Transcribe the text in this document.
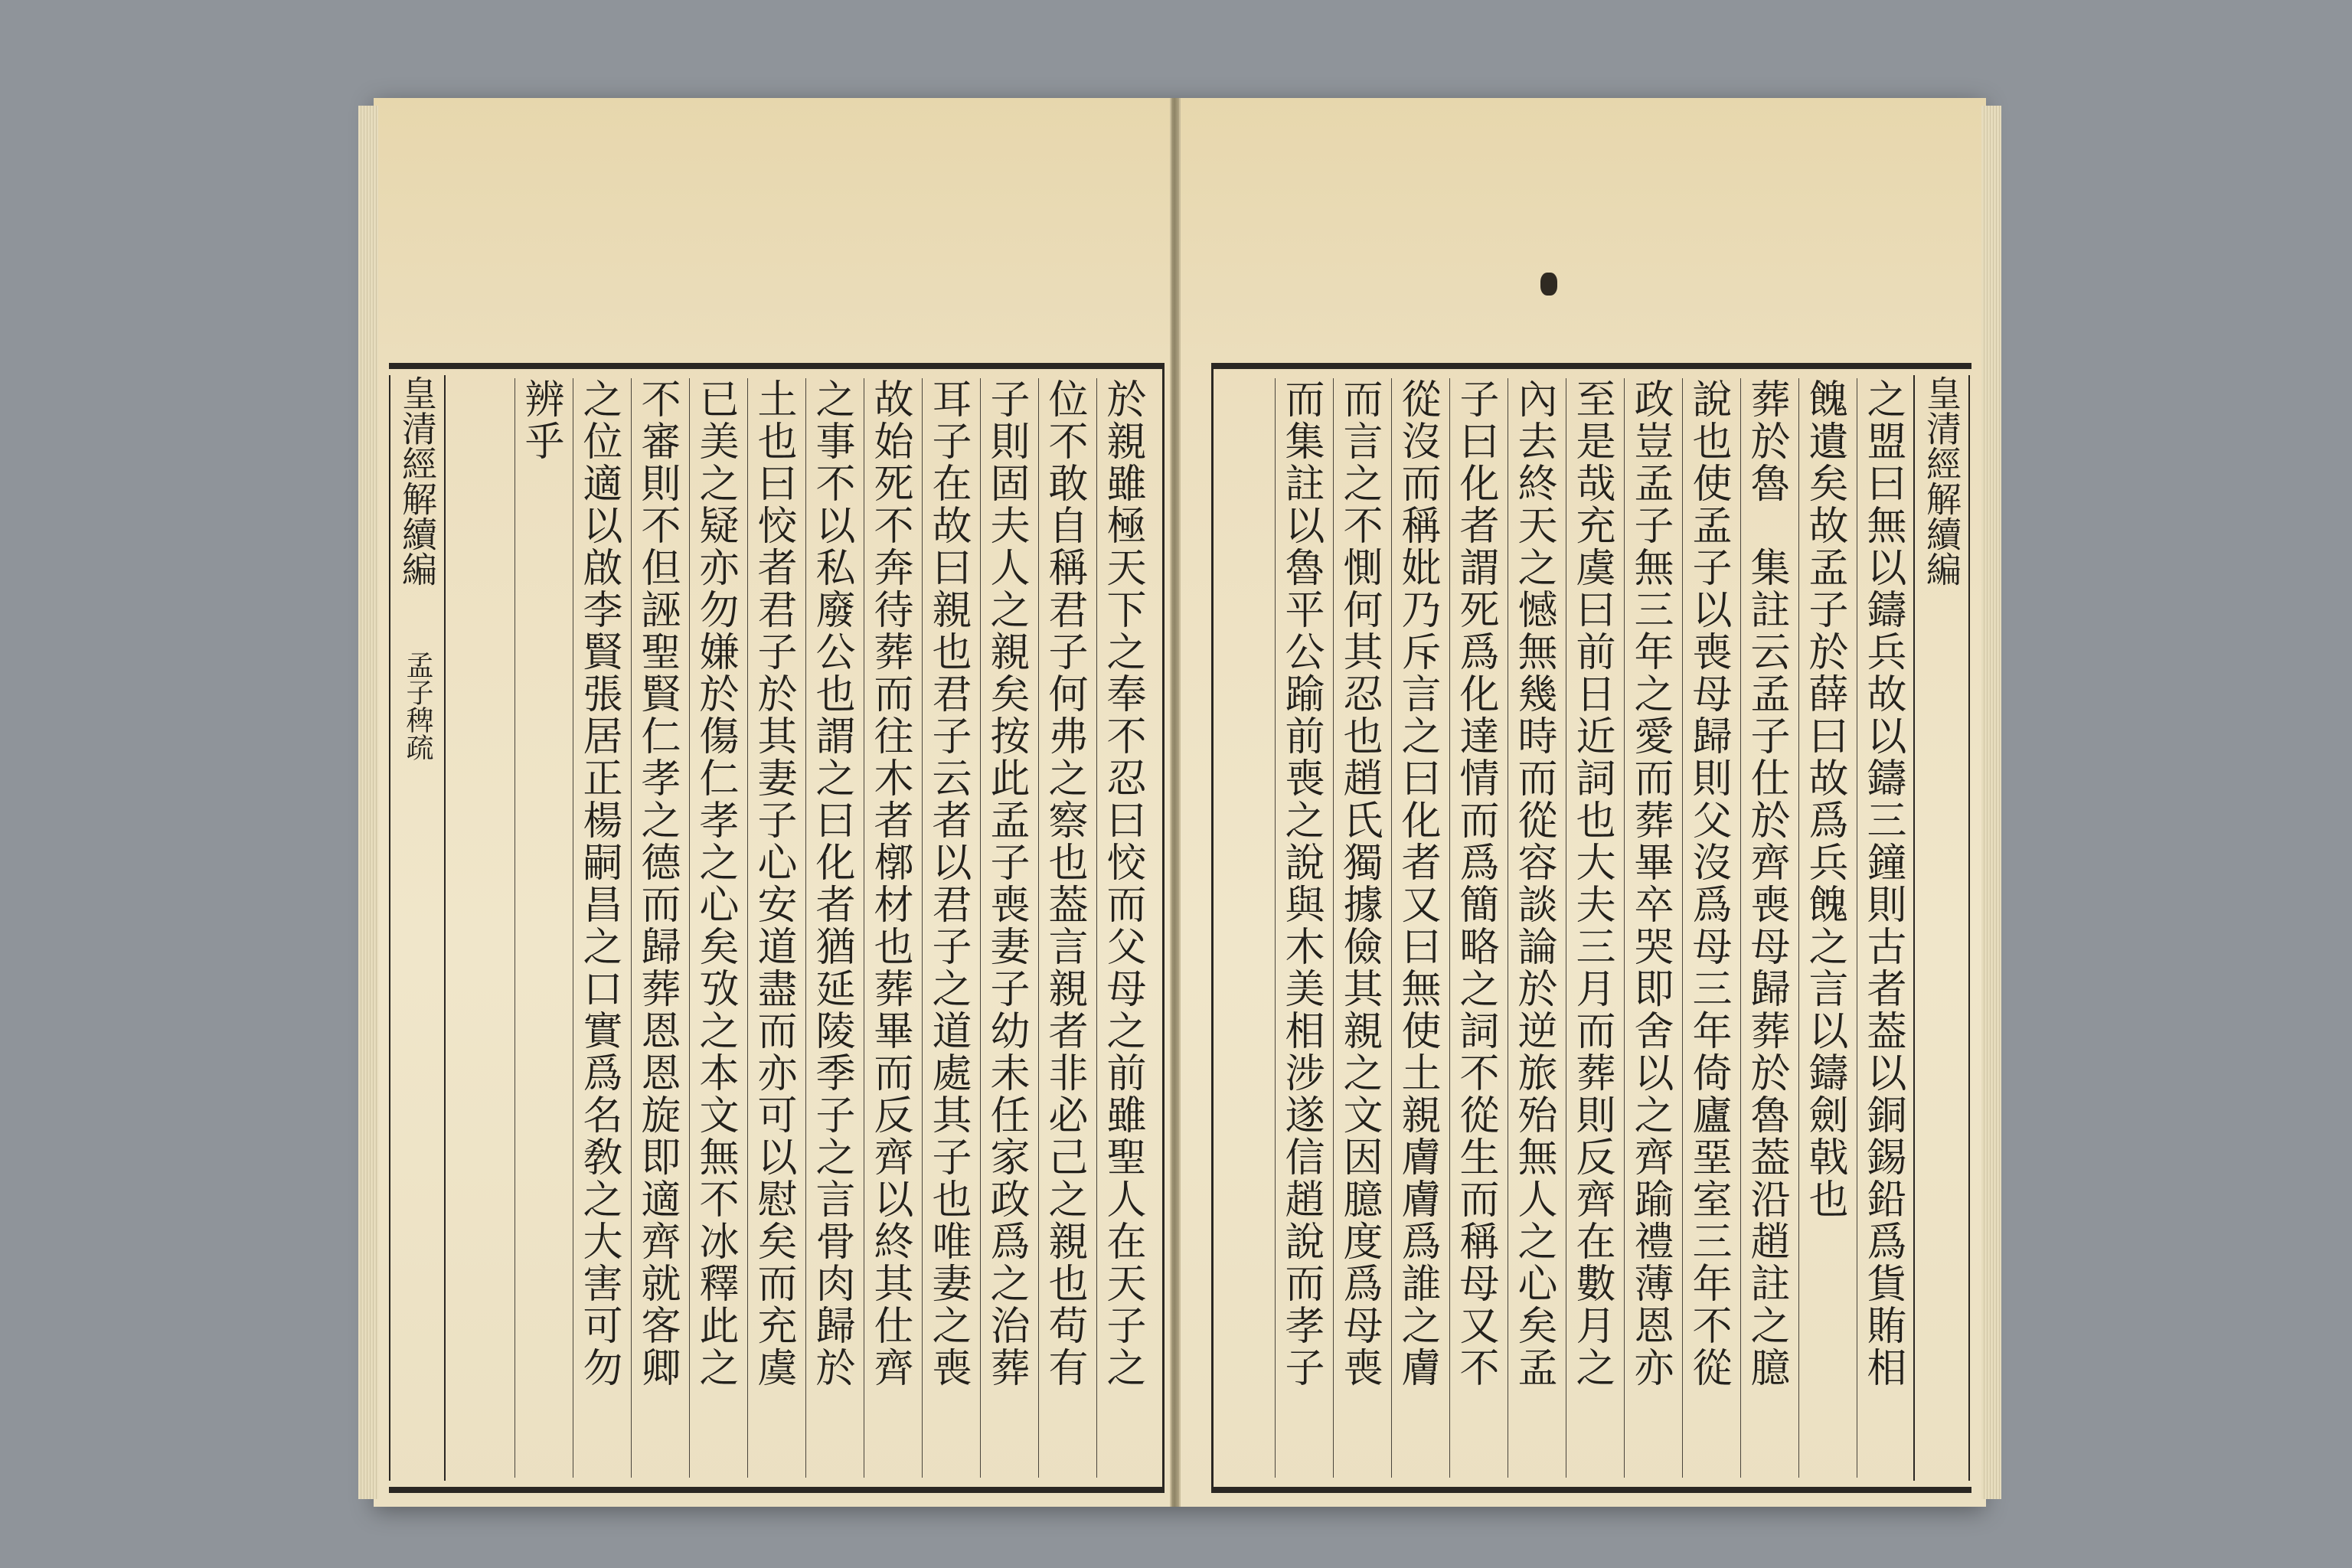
皇清經解續編 孟子稗疏	於親雖極天下之奉不忍曰恔而父母之前雖聖人在天子之
位不敢自稱君子何弗之察也葢言親者非必己之親也苟有
子則固夫人之親矣按此孟子喪妻子幼未任家政爲之治葬
耳子在故曰親也君子云者以君子之道處其子也唯妻之喪
故始死不奔待葬而往木者槨材也葬畢而反齊以終其仕齊
之事不以私廢公也謂之曰化者猶延陵季子之言骨肉歸於
土也曰恔者君子於其妻子心安道盡而亦可以慰矣而充虞
已美之疑亦勿嫌於傷仁孝之心矣攷之本文無不冰釋此之
不審則不但誣聖賢仁孝之德而歸葬恩恩旋即適齊就客卿
之位適以啟李賢張居正楊嗣昌之口實爲名敎之大害可勿
辨乎	皇清經解續編
之盟曰無以鑄兵故以鑄三鐘則古者葢以銅錫鉛爲貨賄相
餽遺矣故孟子於薛曰故爲兵餽之言以鑄劍戟也
葬於魯　集註云孟子仕於齊喪母歸葬於魯葢沿趙註之臆
說也使孟子以喪母歸則父沒爲母三年倚廬堊室三年不從
政豈孟子無三年之愛而葬畢卒哭即舍以之齊踰禮薄恩亦
至是哉充虞曰前日近詞也大夫三月而葬則反齊在數月之
內去終天之憾無幾時而從容談論於逆旅殆無人之心矣孟
子曰化者謂死爲化達情而爲簡略之詞不從生而稱母又不
從沒而稱妣乃斥言之曰化者又曰無使土親膚膚爲誰之膚
而言之不惻何其忍也趙氏獨據儉其親之文因臆度爲母喪
而集註以魯平公踰前喪之說與木美相涉遂信趙說而孝子
